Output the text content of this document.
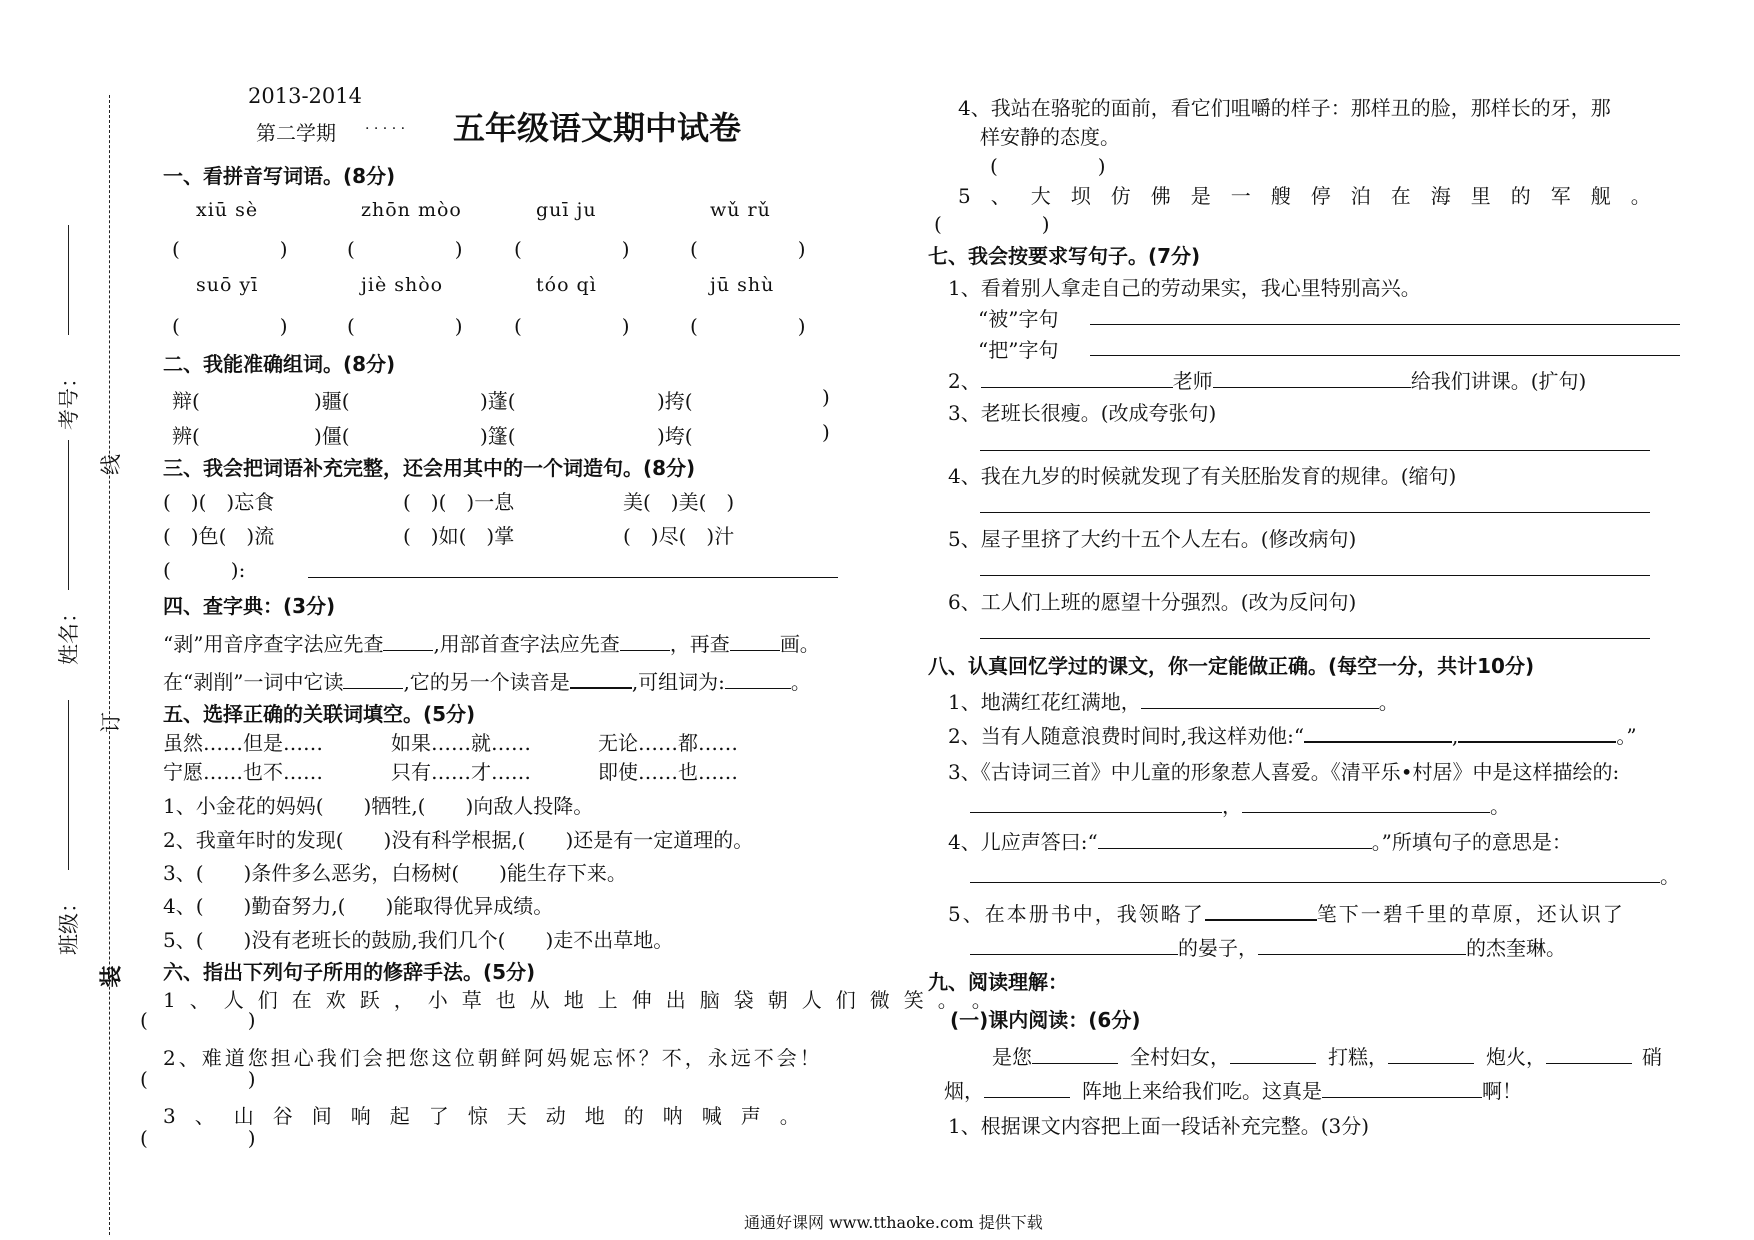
考号：
姓名：
班级：
线
订
装
2013-2014
第二学期 . . . . . 五年级语文期中试卷
一、看拼音写词语。(8分)
xiū sè	zhōn mòo	guī ju	wǔ rǔ
(　　　　　)	(　　　　　)	(　　　　　)	(　　　　　)
suō yī	jiè shòo	tóo qì	jū shù
(　　　　　)	(　　　　　)	(　　　　　)	(　　　　　)
二、我能准确组词。(8分)
辩(	)疆(	)蓬(	)挎(	)
辨(	)僵(	)篷(	)垮(	)
三、我会把词语补充完整，还会用其中的一个词造句。(8分)
(　)(　)忘食	(　)(　)一息	美(　)美(　)
(　)色(　)流	(　)如(　)掌	(　)尽(　)汁
(　　　):
四、查字典：(3分)
“剥”用音序查字法应先查	,用部首查字法应先查	，再查	画。
在“剥削”一词中它读	,它的另一个读音是	,可组词为:	。
五、选择正确的关联词填空。(5分)
虽然……但是……	如果……就……	无论……都……
宁愿……也不……	只有……才……	即使……也……
1、小金花的妈妈(　　)牺牲,(　　)向敌人投降。
2、我童年时的发现(　　)没有科学根据,(　　)还是有一定道理的。
3、(　　)条件多么恶劣，白杨树(　　)能生存下来。
4、(　　)勤奋努力,(　　)能取得优异成绩。
5、(　　)没有老班长的鼓励,我们几个(　　)走不出草地。
六、指出下列句子所用的修辞手法。(5分)
1、人们在欢跃，小草也从地上伸出脑袋朝人们微笑。 。
(　　　　　)
2、难道您担心我们会把您这位朝鲜阿妈妮忘怀？不，永远不会！
(　　　　　)
3、山谷间响起了惊天动地的呐喊声。
(　　　　　)
4、我站在骆驼的面前，看它们咀嚼的样子：那样丑的脸，那样长的牙，那
样安静的态度。
(　　　　　)
5、大坝仿佛是一艘停泊在海里的军舰。
(　　　　　)
七、我会按要求写句子。(7分)
1、看着别人拿走自己的劳动果实，我心里特别高兴。
“被”字句
“把”字句
2、	老师	给我们讲课。(扩句)
3、老班长很瘦。(改成夸张句)
4、我在九岁的时候就发现了有关胚胎发育的规律。(缩句)
5、屋子里挤了大约十五个人左右。(修改病句)
6、工人们上班的愿望十分强烈。(改为反问句)
八、认真回忆学过的课文，你一定能做正确。(每空一分，共计10分)
1、地满红花红满地，	。
2、当有人随意浪费时间时,我这样劝他:“	,	。”
3、《古诗词三首》中儿童的形象惹人喜爱。《清平乐•村居》中是这样描绘的:
，	。
4、儿应声答曰:“	。”所填句子的意思是：
。
5、在本册书中，我领略了	笔下一碧千里的草原，还认识了
的晏子，	的杰奎琳。
九、阅读理解：
(一)课内阅读：(6分)
是您	全村妇女，	打糕，	炮火，	硝
烟，	阵地上来给我们吃。这真是	啊！
1、根据课文内容把上面一段话补充完整。(3分)
通通好课网 www.tthaoke.com 提供下载
